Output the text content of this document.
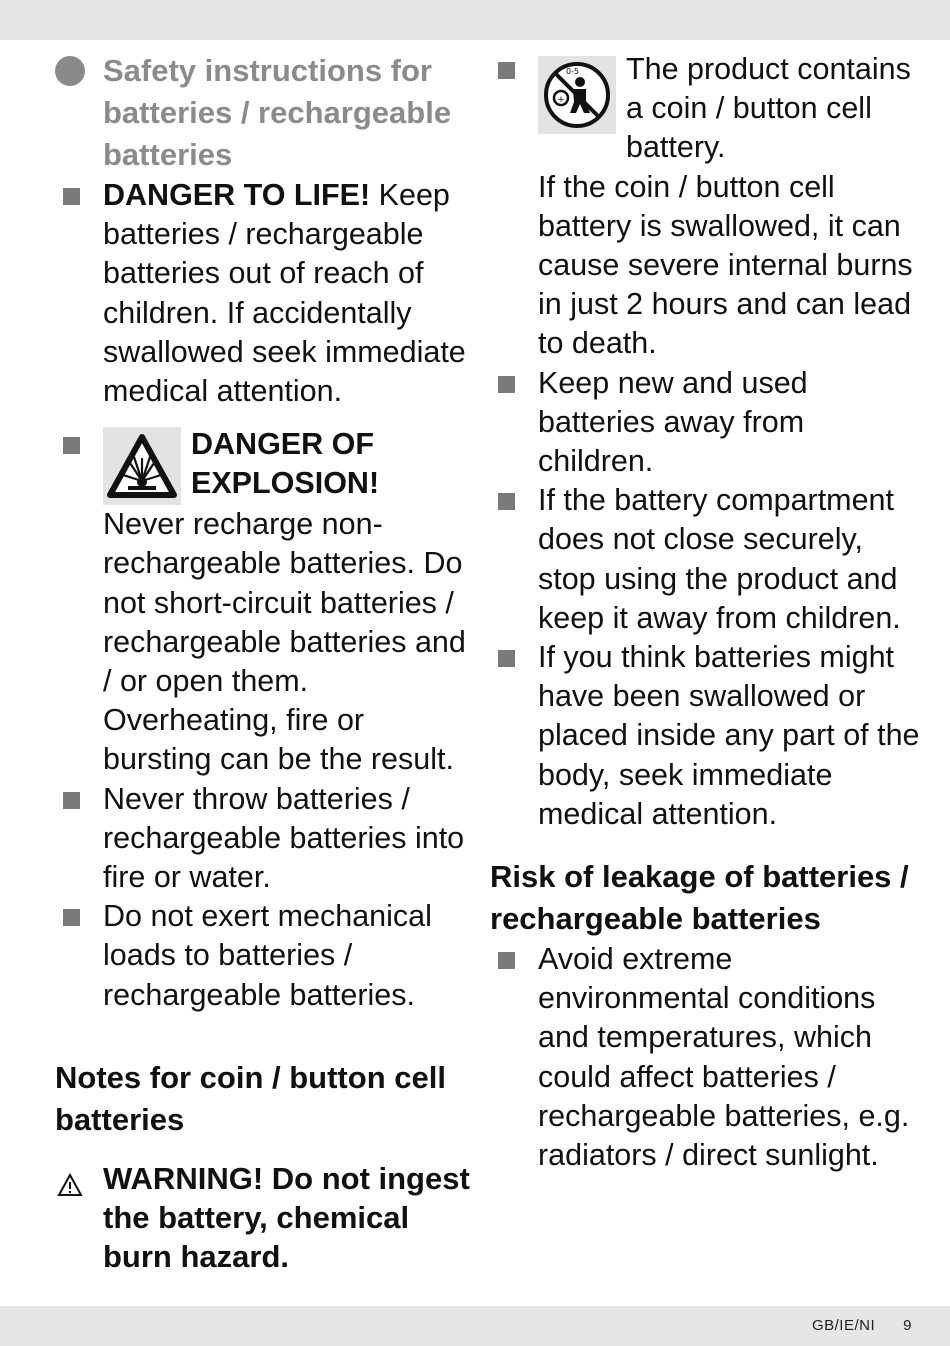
Safety instructions for batteries / rechargeable batteries
DANGER TO LIFE! Keep batteries / rechargeable batteries out of reach of children. If accidentally swallowed seek immediate medical attention.
DANGER OF EXPLOSION!
Never recharge non-rechargeable batteries. Do not short-circuit batteries / rechargeable batteries and / or open them. Overheating, fire or bursting can be the result.
Never throw batteries / rechargeable batteries into fire or water.
Do not exert mechanical loads to batteries / rechargeable batteries.
Notes for coin / button cell batteries
WARNING! Do not ingest the battery, chemical burn hazard.
+
0-5	The product contains a coin / button cell battery.
If the coin / button cell battery is swallowed, it can cause severe internal burns in just 2 hours and can lead to death.
Keep new and used batteries away from children.
If the battery compartment does not close securely, stop using the product and keep it away from children.
If you think batteries might have been swallowed or placed inside any part of the body, seek immediate medical attention.
Risk of leakage of batteries / rechargeable batteries
Avoid extreme environmental conditions and temperatures, which could affect batteries / rechargeable batteries, e.g. radiators / direct sunlight.
GB/IE/NI 9
